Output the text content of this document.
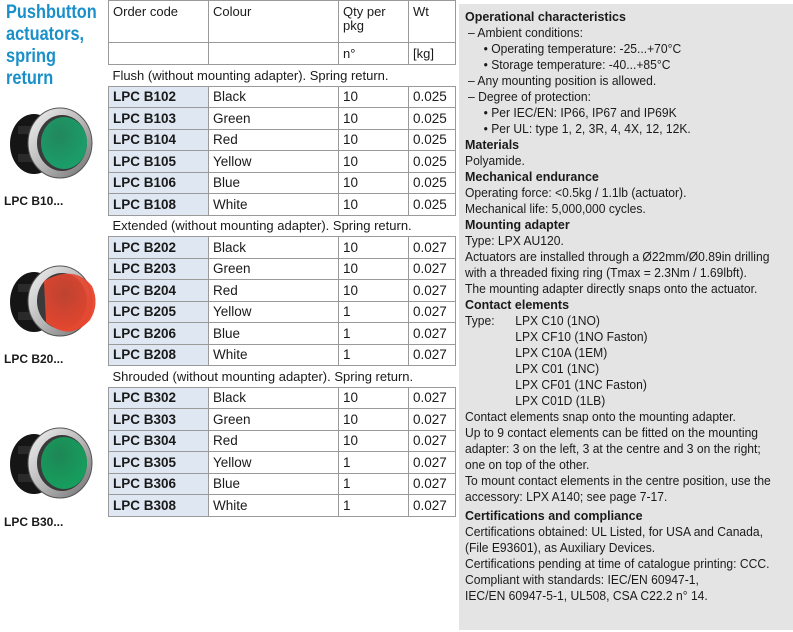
Pushbutton
actuators,
spring
return
LPC B10...
LPC B20...
LPC B30...
Order code	Colour	Qty per pkg	Wt
		n°	[kg]
Flush (without mounting adapter). Spring return.			
LPC B102	Black	10	0.025
LPC B103	Green	10	0.025
LPC B104	Red	10	0.025
LPC B105	Yellow	10	0.025
LPC B106	Blue	10	0.025
LPC B108	White	10	0.025
Extended (without mounting adapter). Spring return.			
LPC B202	Black	10	0.027
LPC B203	Green	10	0.027
LPC B204	Red	10	0.027
LPC B205	Yellow	1	0.027
LPC B206	Blue	1	0.027
LPC B208	White	1	0.027
Shrouded (without mounting adapter). Spring return.			
LPC B302	Black	10	0.027
LPC B303	Green	10	0.027
LPC B304	Red	10	0.027
LPC B305	Yellow	1	0.027
LPC B306	Blue	1	0.027
LPC B308	White	1	0.027
Operational characteristics
– Ambient conditions:
• Operating temperature: -25...+70°C
• Storage temperature: -40...+85°C
– Any mounting position is allowed.
– Degree of protection:
• Per IEC/EN: IP66, IP67 and IP69K
• Per UL: type 1, 2, 3R, 4, 4X, 12, 12K.
Materials
Polyamide.
Mechanical endurance
Operating force: <0.5kg / 1.1lb (actuator).
Mechanical life: 5,000,000 cycles.
Mounting adapter
Type: LPX AU120.
Actuators are installed through a Ø22mm/Ø0.89in drilling
with a threaded fixing ring (Tmax = 2.3Nm / 1.69lbft).
The mounting adapter directly snaps onto the actuator.
Contact elements
Type:	LPX C10 (1NO)
LPX CF10 (1NO Faston)
LPX C10A (1EM)
LPX C01 (1NC)
LPX CF01 (1NC Faston)
LPX C01D (1LB)
Contact elements snap onto the mounting adapter.
Up to 9 contact elements can be fitted on the mounting
adapter: 3 on the left, 3 at the centre and 3 on the right;
one on top of the other.
To mount contact elements in the centre position, use the
accessory: LPX A140; see page 7-17.
Certifications and compliance
Certifications obtained: UL Listed, for USA and Canada,
(File E93601), as Auxiliary Devices.
Certifications pending at time of catalogue printing: CCC.
Compliant with standards: IEC/EN 60947-1,
IEC/EN 60947-5-1, UL508, CSA C22.2 n° 14.
